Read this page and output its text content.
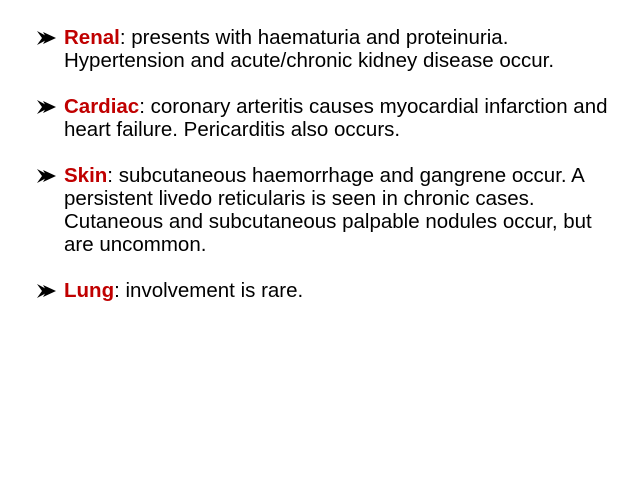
Renal: presents with haematuria and proteinuria. Hypertension and acute/chronic kidney disease occur.
Cardiac: coronary arteritis causes myocardial infarction and heart failure. Pericarditis also occurs.
Skin: subcutaneous haemorrhage and gangrene occur. A persistent livedo reticularis is seen in chronic cases. Cutaneous and subcutaneous palpable nodules occur, but are uncommon.
Lung: involvement is rare.
